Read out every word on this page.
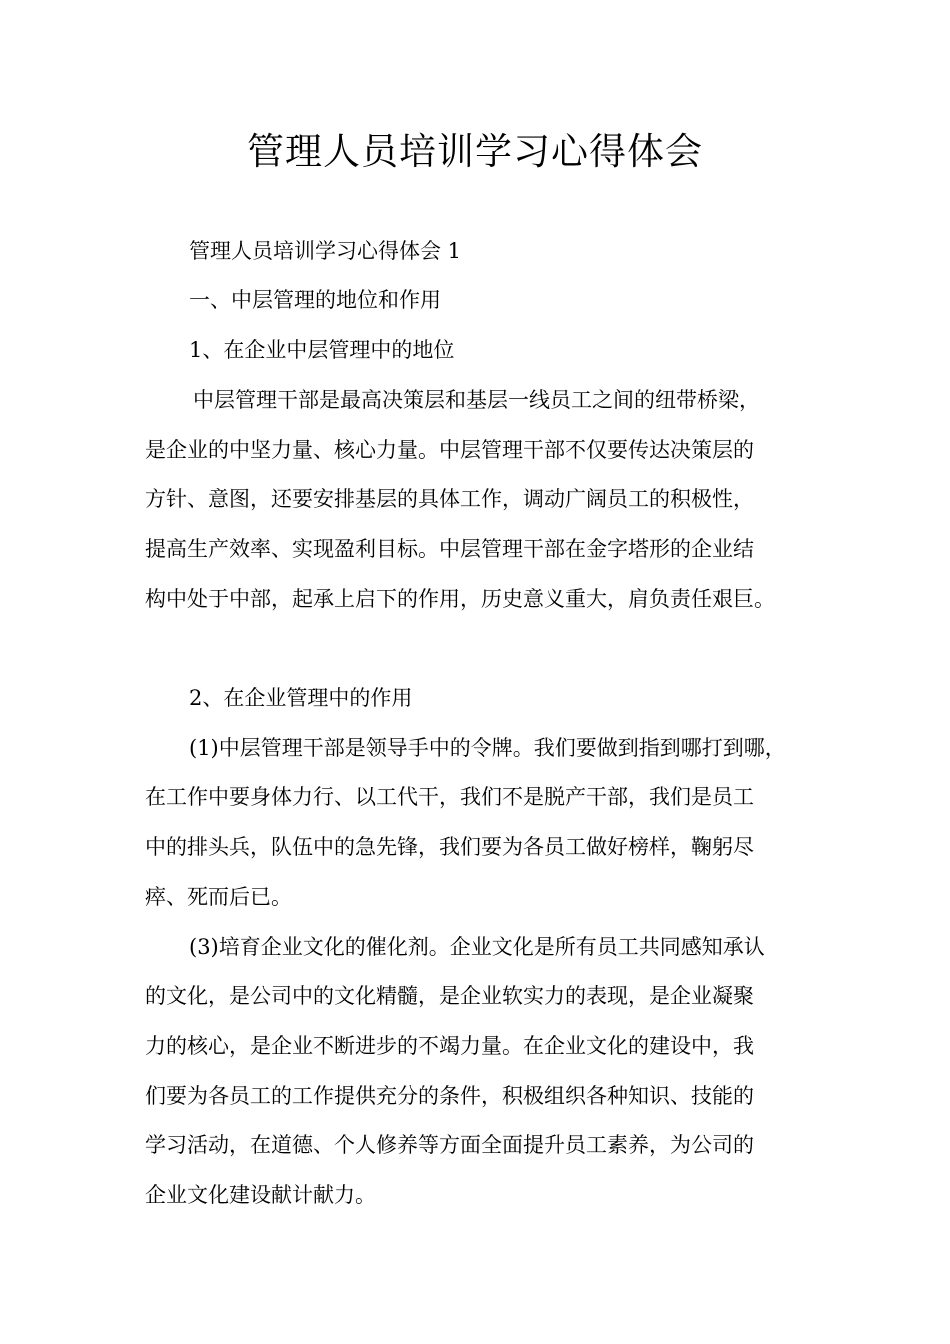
管理人员培训学习心得体会
管理人员培训学习心得体会 1
一、中层管理的地位和作用
1、在企业中层管理中的地位
中层管理干部是最高决策层和基层一线员工之间的纽带桥梁，
是企业的中坚力量、核心力量。中层管理干部不仅要传达决策层的
方针、意图，还要安排基层的具体工作，调动广阔员工的积极性，
提高生产效率、实现盈利目标。中层管理干部在金字塔形的企业结
构中处于中部，起承上启下的作用，历史意义重大，肩负责任艰巨。
2、在企业管理中的作用
(1)中层管理干部是领导手中的令牌。我们要做到指到哪打到哪，
在工作中要身体力行、以工代干，我们不是脱产干部，我们是员工
中的排头兵，队伍中的急先锋，我们要为各员工做好榜样，鞠躬尽
瘁、死而后已。
(3)培育企业文化的催化剂。企业文化是所有员工共同感知承认
的文化，是公司中的文化精髓，是企业软实力的表现，是企业凝聚
力的核心，是企业不断进步的不竭力量。在企业文化的建设中，我
们要为各员工的工作提供充分的条件，积极组织各种知识、技能的
学习活动，在道德、个人修养等方面全面提升员工素养，为公司的
企业文化建设献计献力。
